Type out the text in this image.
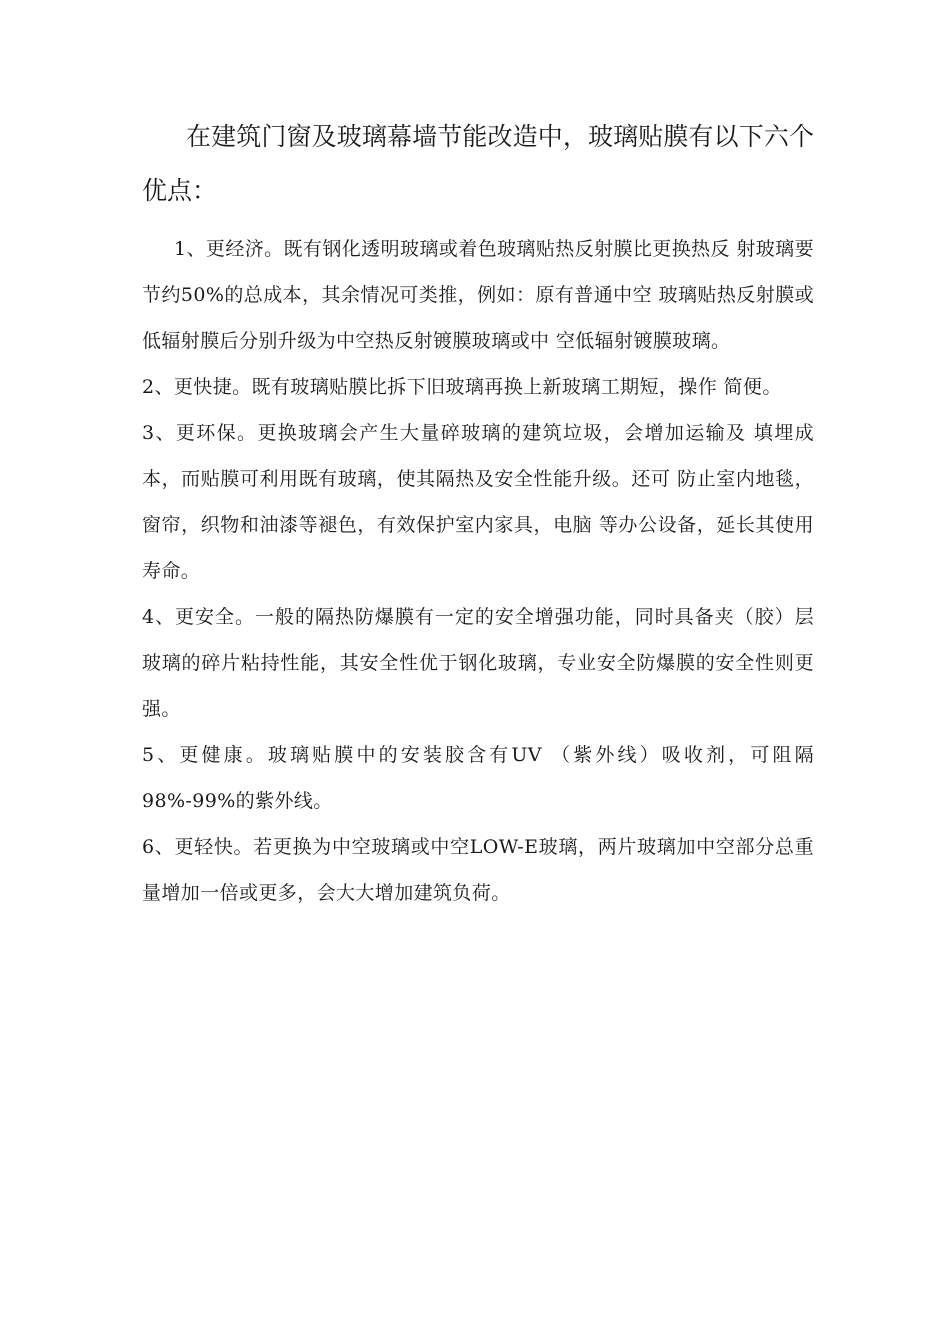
在建筑门窗及玻璃幕墙节能改造中，玻璃贴膜有以下六个优点：

1、更经济。既有钢化透明玻璃或着色玻璃贴热反射膜比更换热反 射玻璃要节约50%的总成本，其余情况可类推，例如：原有普通中空 玻璃贴热反射膜或低辐射膜后分别升级为中空热反射镀膜玻璃或中 空低辐射镀膜玻璃。

2、更快捷。既有玻璃贴膜比拆下旧玻璃再换上新玻璃工期短，操作 简便。

3、更环保。更换玻璃会产生大量碎玻璃的建筑垃圾，会增加运输及 填埋成本，而贴膜可利用既有玻璃，使其隔热及安全性能升级。还可 防止室内地毯，窗帘，织物和油漆等褪色，有效保护室内家具，电脑 等办公设备，延长其使用寿命。

4、更安全。一般的隔热防爆膜有一定的安全增强功能，同时具备夹（胶）层玻璃的碎片粘持性能，其安全性优于钢化玻璃，专业安全防爆膜的安全性则更强。

5、更健康。玻璃贴膜中的安装胶含有UV （紫外线）吸收剂，可阻隔98%-99%的紫外线。

6、更轻快。若更换为中空玻璃或中空LOW-E玻璃，两片玻璃加中空部分总重量增加一倍或更多，会大大增加建筑负荷。
